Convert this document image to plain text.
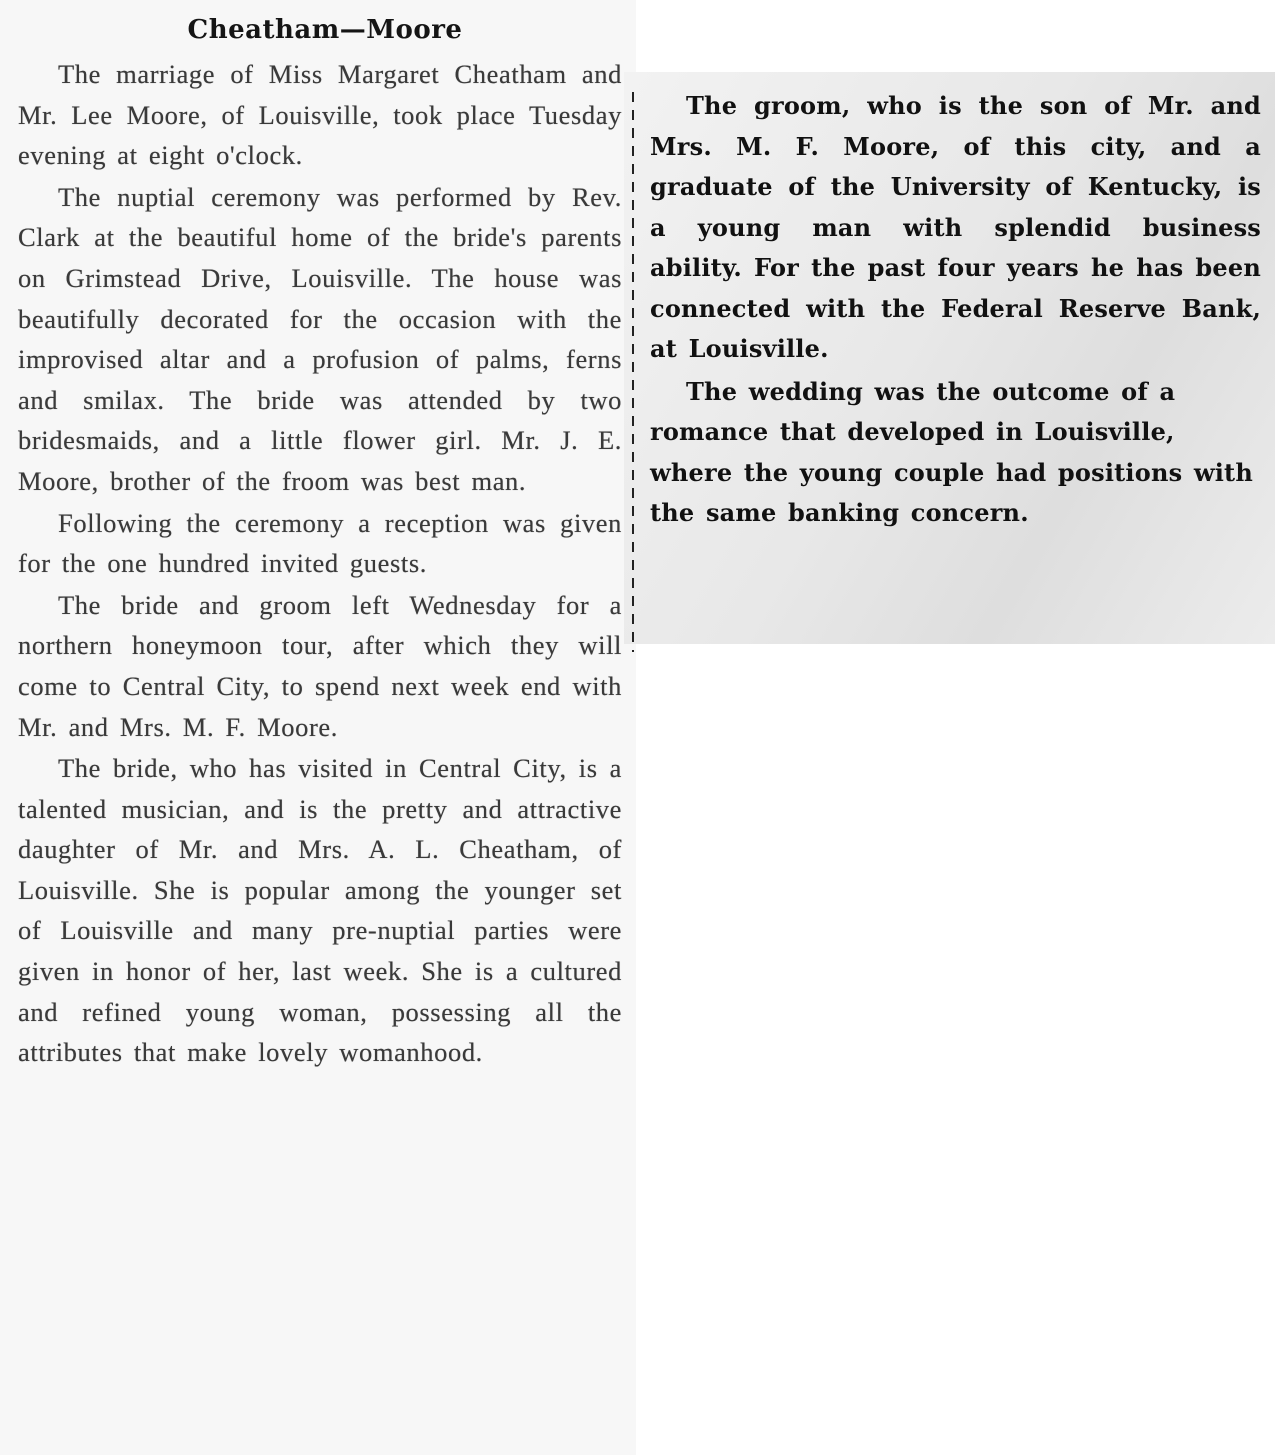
Cheatham—Moore

The marriage of Miss Margaret Cheatham and Mr. Lee Moore, of Louisville, took place Tuesday evening at eight o'clock.

The nuptial ceremony was performed by Rev. Clark at the beautiful home of the bride's parents on Grimstead Drive, Louisville. The house was beautifully decorated for the occasion with the improvised altar and a profusion of palms, ferns and smilax. The bride was attended by two bridesmaids, and a little flower girl. Mr. J. E. Moore, brother of the froom was best man.

Following the ceremony a reception was given for the one hundred invited guests.

The bride and groom left Wednesday for a northern honeymoon tour, after which they will come to Central City, to spend next week end with Mr. and Mrs. M. F. Moore.

The bride, who has visited in Central City, is a talented musician, and is the pretty and attractive daughter of Mr. and Mrs. A. L. Cheatham, of Louisville. She is popular among the younger set of Louisville and many pre-nuptial parties were given in honor of her, last week. She is a cultured and refined young woman, possessing all the attributes that make lovely womanhood.

The groom, who is the son of Mr. and Mrs. M. F. Moore, of this city, and a graduate of the University of Kentucky, is a young man with splendid business ability. For the past four years he has been connected with the Federal Reserve Bank, at Louisville.

The wedding was the outcome of a romance that developed in Louisville, where the young couple had positions with the same banking concern.
